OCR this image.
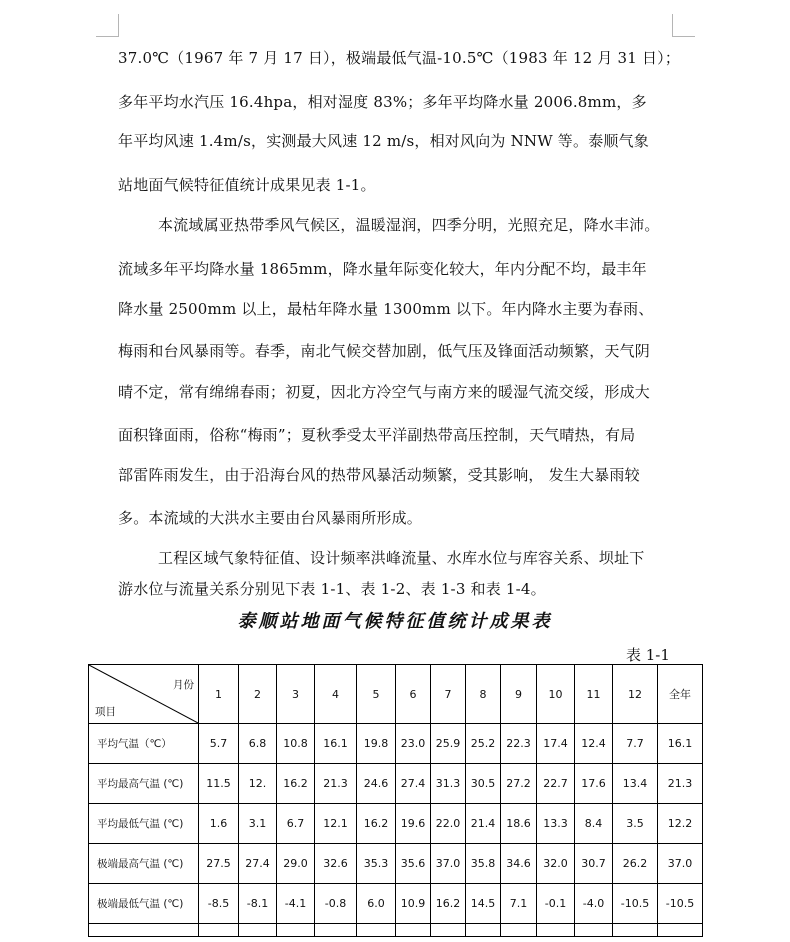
37.0℃（1967 年 7 月 17 日），极端最低气温-10.5℃（1983 年 12 月 31 日）；
多年平均水汽压 16.4hpa，相对湿度 83%；多年平均降水量 2006.8mm，多
年平均风速 1.4m/s，实测最大风速 12 m/s，相对风向为 NNW 等。泰顺气象
站地面气候特征值统计成果见表 1-1。
本流域属亚热带季风气候区，温暖湿润，四季分明，光照充足，降水丰沛。
流域多年平均降水量 1865mm，降水量年际变化较大，年内分配不均，最丰年
降水量 2500mm 以上，最枯年降水量 1300mm 以下。年内降水主要为春雨、
梅雨和台风暴雨等。春季，南北气候交替加剧，低气压及锋面活动频繁，天气阴
晴不定，常有绵绵春雨；初夏，因北方冷空气与南方来的暖湿气流交绥，形成大
面积锋面雨，俗称“梅雨”；夏秋季受太平洋副热带高压控制，天气晴热，有局
部雷阵雨发生，由于沿海台风的热带风暴活动频繁，受其影响， 发生大暴雨较
多。本流域的大洪水主要由台风暴雨所形成。
工程区域气象特征值、设计频率洪峰流量、水库水位与库容关系、坝址下
游水位与流量关系分别见下表 1-1、表 1-2、表 1-3 和表 1-4。
泰顺站地面气候特征值统计成果表
表 1-1
月份
项目	1	2	3	4	5	6	7	8	9	10	11	12	全年
平均气温（℃）	5.7	6.8	10.8	16.1	19.8	23.0	25.9	25.2	22.3	17.4	12.4	7.7	16.1
平均最高气温 (℃)	11.5	12.	16.2	21.3	24.6	27.4	31.3	30.5	27.2	22.7	17.6	13.4	21.3
平均最低气温 (℃)	1.6	3.1	6.7	12.1	16.2	19.6	22.0	21.4	18.6	13.3	8.4	3.5	12.2
极端最高气温 (℃)	27.5	27.4	29.0	32.6	35.3	35.6	37.0	35.8	34.6	32.0	30.7	26.2	37.0
极端最低气温 (℃)	-8.5	-8.1	-4.1	-0.8	6.0	10.9	16.2	14.5	7.1	-0.1	-4.0	-10.5	-10.5
